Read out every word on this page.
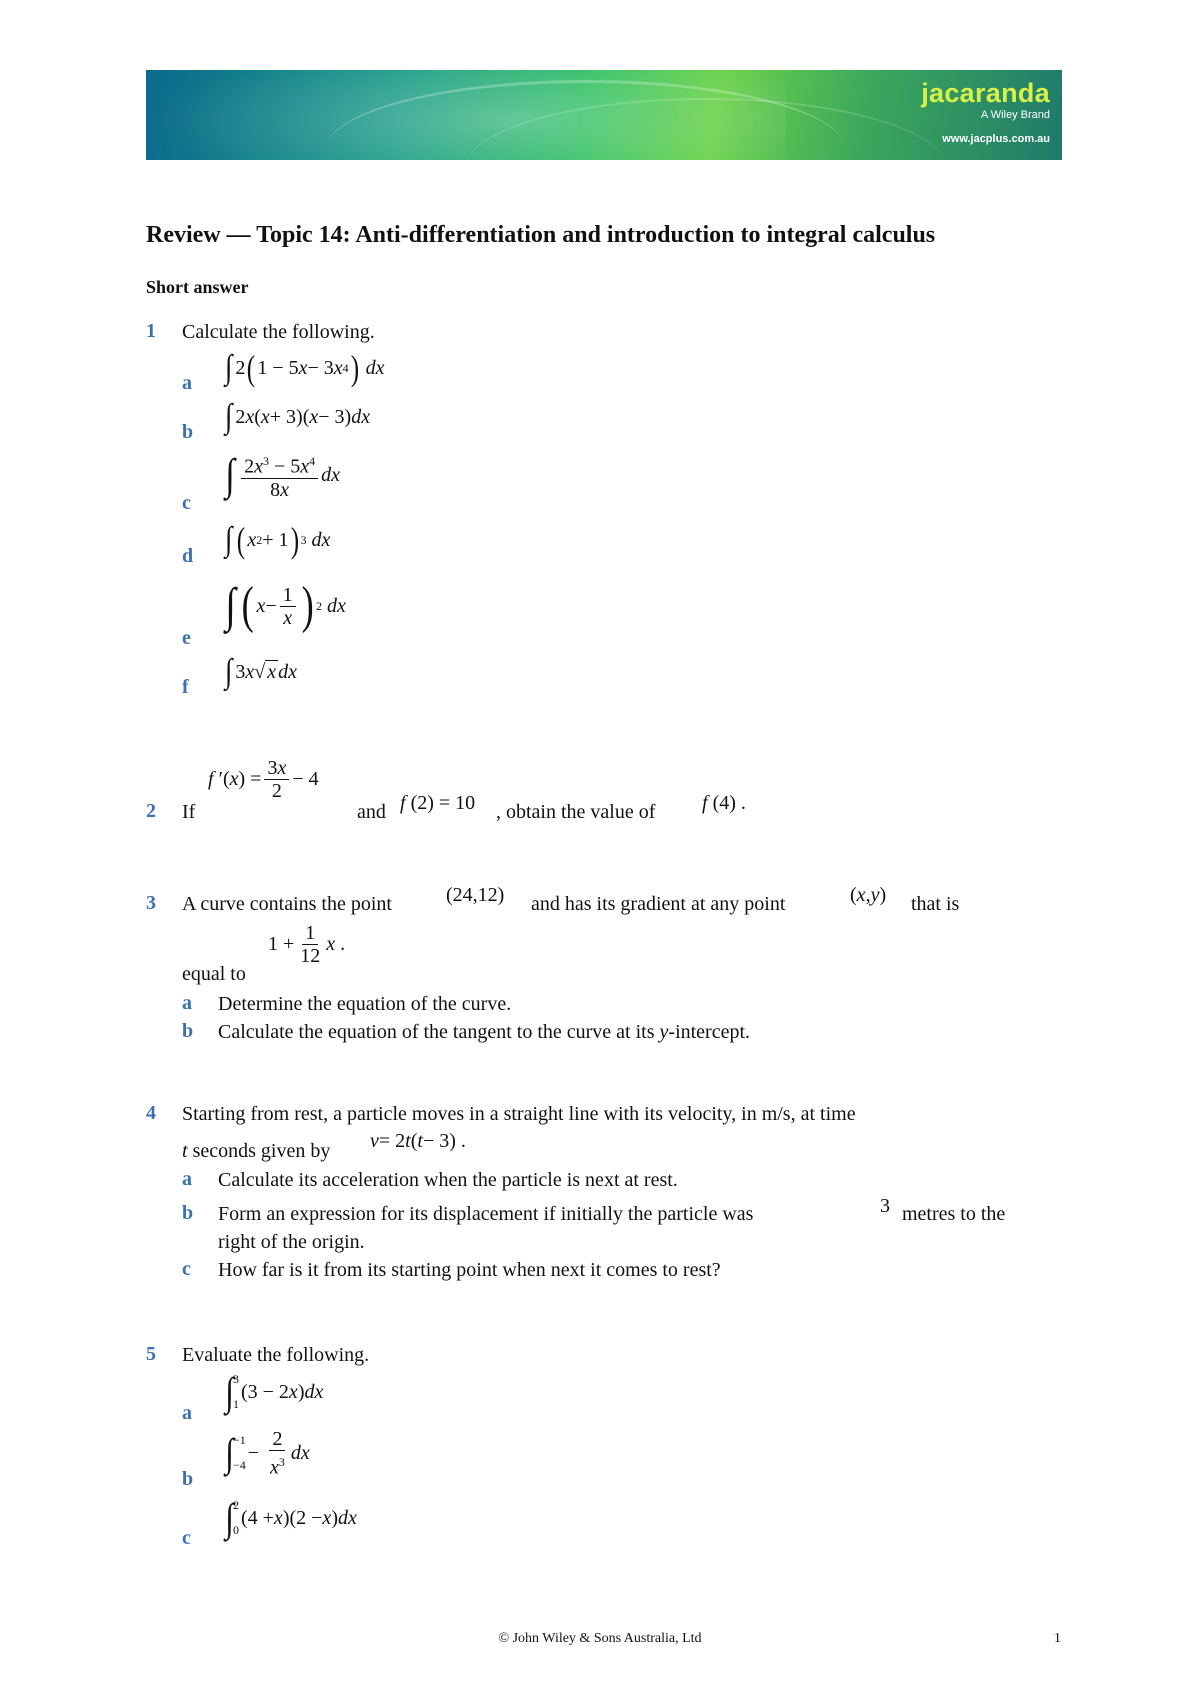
jacaranda
A Wiley Brand
www.jacplus.com.au
Review — Topic 14: Anti-differentiation and introduction to integral calculus
Short answer
1 Calculate the following.
a ∫ 2 ( 1 − 5 x − 3 x 4 )
dx
b ∫ 2 x ( x + 3)( x − 3) dx
c
∫ $\frac{2x^3 - 5x^4}{8x}$ dx
d ∫ ( x 2 + 1 ) 3
dx
e
∫ ( $x - \frac{1}{x}$ ) 2
dx
f ∫ 3 x √ x dx
2 If
f ′( x ) = $\frac{3x}{2} - 4$
and f (2) = 10 , obtain the value of f (4) .
3 A curve contains the point	(24,12) and has its gradient at any point	( x , y ) that is
equal to
$1 + \frac{1}{12}$ x .
a Determine the equation of the curve.
b Calculate the equation of the tangent to the curve at its y-intercept.
4 Starting from rest, a particle moves in a straight line with its velocity, in m/s, at time
t seconds given by v = 2 t ( t − 3) .
a Calculate its acceleration when the particle is next at rest.
b Form an expression for its displacement if initially the particle was	3 metres to the
right of the origin.
c How far is it from its starting point when next it comes to rest?
5 Evaluate the following.
a ∫ 3
1
(3 − 2 x ) dx
b
∫ −1
−4
− $\frac{2}{x^3}$ dx
c ∫ 2
0
(4 + x )(2 − x ) dx
© John Wiley & Sons Australia, Ltd	1
